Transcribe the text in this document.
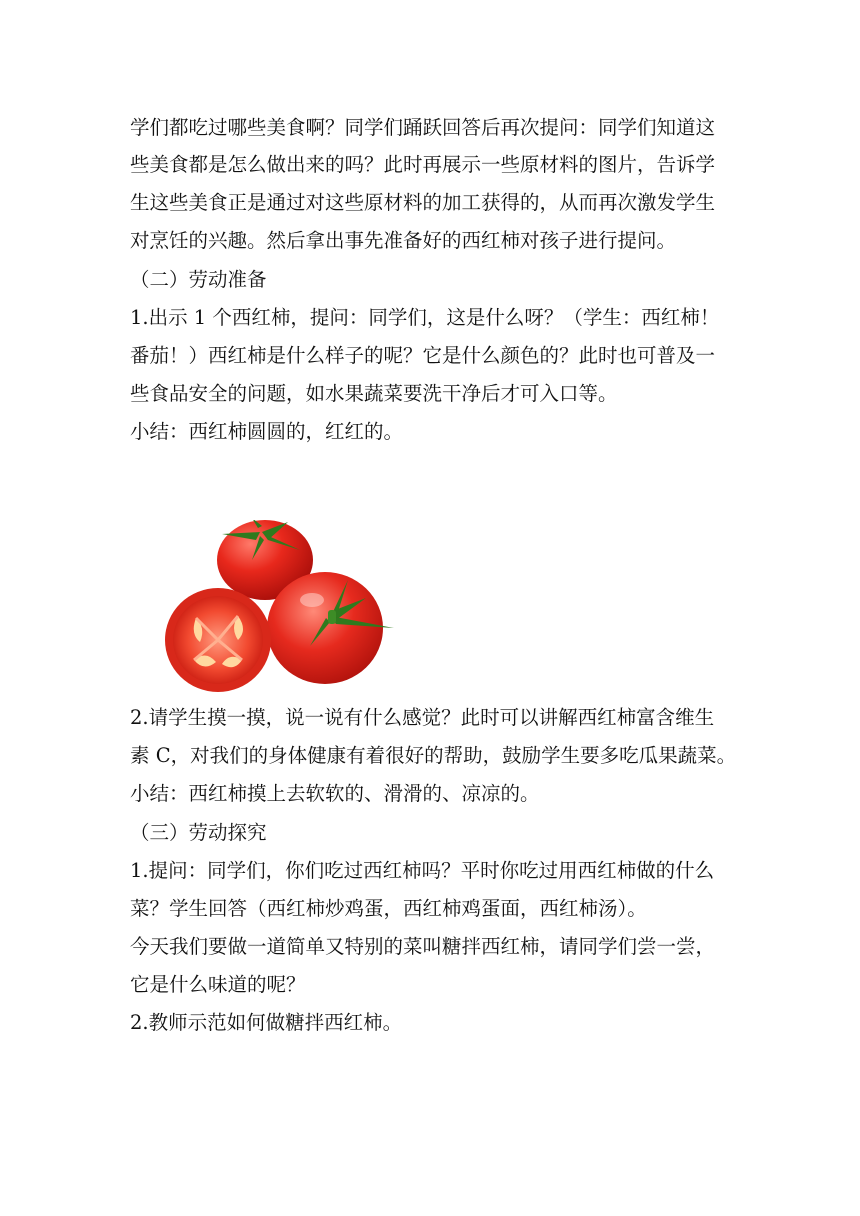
学们都吃过哪些美食啊？同学们踊跃回答后再次提问：同学们知道这
些美食都是怎么做出来的吗？此时再展示一些原材料的图片，告诉学
生这些美食正是通过对这些原材料的加工获得的，从而再次激发学生
对烹饪的兴趣。然后拿出事先准备好的西红柿对孩子进行提问。
（二）劳动准备
1.出示 1 个西红柿，提问：同学们，这是什么呀？（学生：西红柿！
番茄！）西红柿是什么样子的呢？它是什么颜色的？此时也可普及一
些食品安全的问题，如水果蔬菜要洗干净后才可入口等。
小结：西红柿圆圆的，红红的。
2.请学生摸一摸，说一说有什么感觉？此时可以讲解西红柿富含维生
素 C，对我们的身体健康有着很好的帮助，鼓励学生要多吃瓜果蔬菜。
小结：西红柿摸上去软软的、滑滑的、凉凉的。
（三）劳动探究
1.提问：同学们，你们吃过西红柿吗？平时你吃过用西红柿做的什么
菜？学生回答（西红柿炒鸡蛋，西红柿鸡蛋面，西红柿汤）。
今天我们要做一道简单又特别的菜叫糖拌西红柿，请同学们尝一尝，
它是什么味道的呢？
2.教师示范如何做糖拌西红柿。
